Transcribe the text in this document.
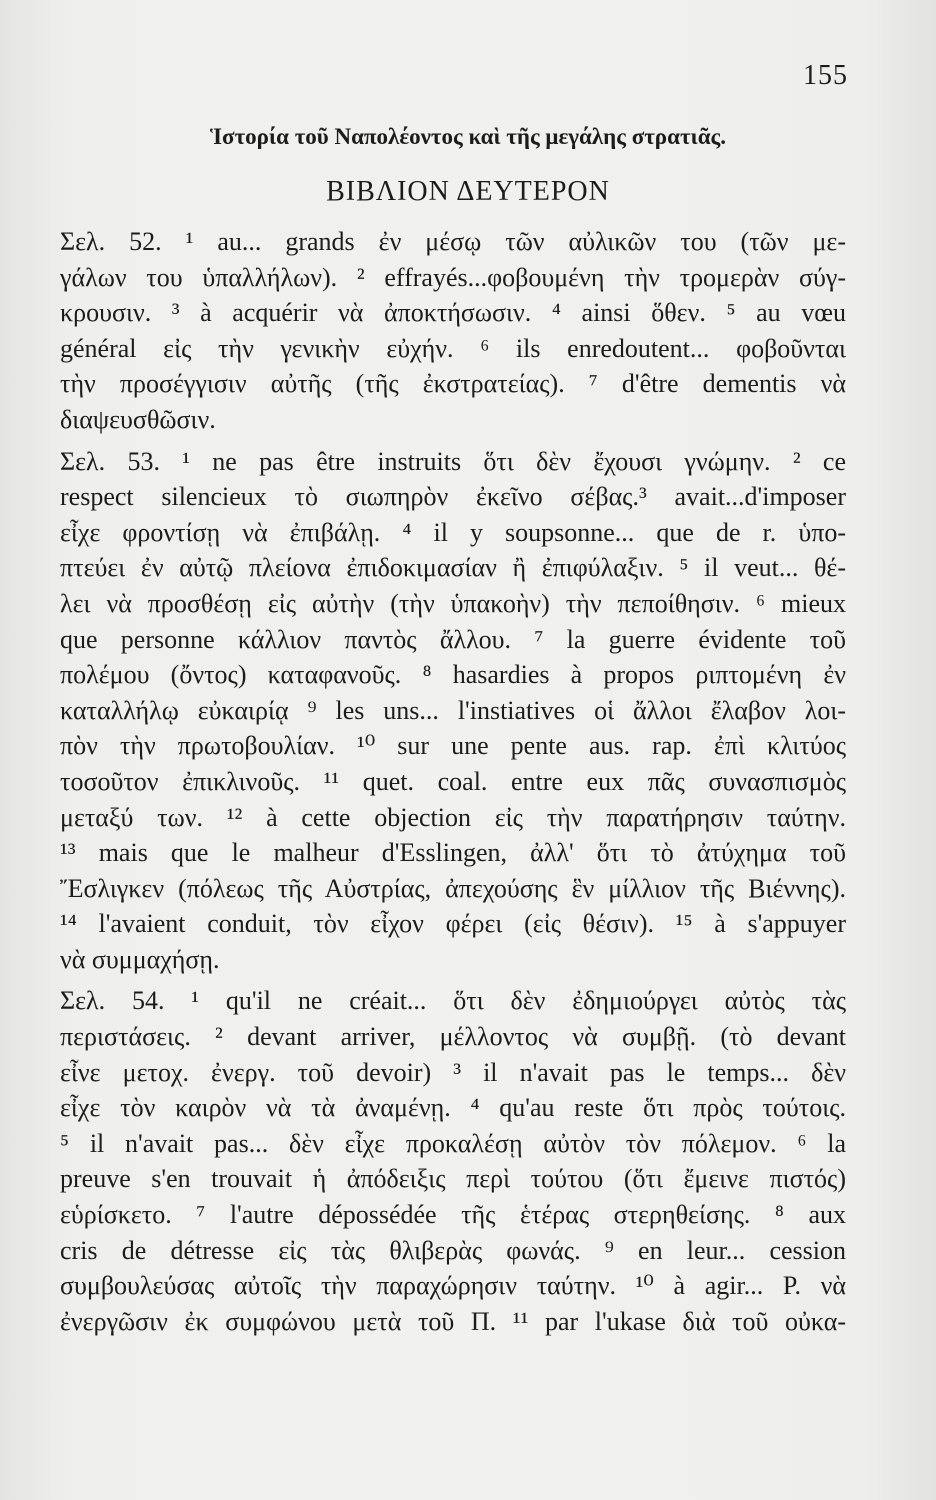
155
Ἱστορία τοῦ Ναπολέοντος καὶ τῆς μεγάλης στρατιᾶς.
ΒΙΒΛΙΟΝ ΔΕΥΤΕΡΟΝ
Σελ. 52. ¹ au... grands ἐν μέσῳ τῶν αὐλικῶν του (τῶν με-
γάλων του ὑπαλλήλων). ² effrayés...φοβουμένη τὴν τρομερὰν σύγ-
κρουσιν. ³ à acquérir νὰ ἀποκτήσωσιν. ⁴ ainsi ὅθεν. ⁵ au vœu
général εἰς τὴν γενικὴν εὐχήν. ⁶ ils enredoutent... φοβοῦνται
τὴν προσέγγισιν αὐτῆς (τῆς ἐκστρατείας). ⁷ d'être dementis νὰ
διαψευσθῶσιν.
Σελ. 53. ¹ ne pas être instruits ὅτι δὲν ἔχουσι γνώμην. ² ce
respect silencieux τὸ σιωπηρὸν ἐκεῖνο σέβας.³ avait...d'imposer
εἶχε φροντίσῃ νὰ ἐπιβάλῃ. ⁴ il y soupsonne... que de r. ὑπο-
πτεύει ἐν αὐτῷ πλείονα ἐπιδοκιμασίαν ἢ ἐπιφύλαξιν. ⁵ il veut... θέ-
λει νὰ προσθέσῃ εἰς αὐτὴν (τὴν ὑπακοὴν) τὴν πεποίθησιν. ⁶ mieux
que personne κάλλιον παντὸς ἄλλου. ⁷ la guerre évidente τοῦ
πολέμου (ὄντος) καταφανοῦς. ⁸ hasardies à propos ριπτομένη ἐν
καταλλήλῳ εὐκαιρίᾳ ⁹ les uns... l'instiatives οἱ ἄλλοι ἔλαβον λοι-
πὸν τὴν πρωτοβουλίαν. ¹⁰ sur une pente aus. rap. ἐπὶ κλιτύος
τοσοῦτον ἐπικλινοῦς. ¹¹ quet. coal. entre eux πᾶς συνασπισμὸς
μεταξύ των. ¹² à cette objection εἰς τὴν παρατήρησιν ταύτην.
¹³ mais que le malheur d'Esslingen, ἀλλ' ὅτι τὸ ἀτύχημα τοῦ
Ἔσλιγκεν (πόλεως τῆς Αὐστρίας, ἀπεχούσης ἓν μίλλιον τῆς Βιέννης).
¹⁴ l'avaient conduit, τὸν εἶχον φέρει (εἰς θέσιν). ¹⁵ à s'appuyer
νὰ συμμαχήσῃ.
Σελ. 54. ¹ qu'il ne créait... ὅτι δὲν ἐδημιούργει αὐτὸς τὰς
περιστάσεις. ² devant arriver, μέλλοντος νὰ συμβῇ. (τὸ devant
εἶνε μετοχ. ἐνεργ. τοῦ devoir) ³ il n'avait pas le temps... δὲν
εἶχε τὸν καιρὸν νὰ τὰ ἀναμένῃ. ⁴ qu'au reste ὅτι πρὸς τούτοις.
⁵ il n'avait pas... δὲν εἶχε προκαλέσῃ αὐτὸν τὸν πόλεμον. ⁶ la
preuve s'en trouvait ἡ ἀπόδειξις περὶ τούτου (ὅτι ἔμεινε πιστός)
εὑρίσκετο. ⁷ l'autre dépossédée τῆς ἑτέρας στερηθείσης. ⁸ aux
cris de détresse εἰς τὰς θλιβερὰς φωνάς. ⁹ en leur... cession
συμβουλεύσας αὐτοῖς τὴν παραχώρησιν ταύτην. ¹⁰ à agir... P. νὰ
ἐνεργῶσιν ἐκ συμφώνου μετὰ τοῦ Π. ¹¹ par l'ukase διὰ τοῦ οὐκα-
